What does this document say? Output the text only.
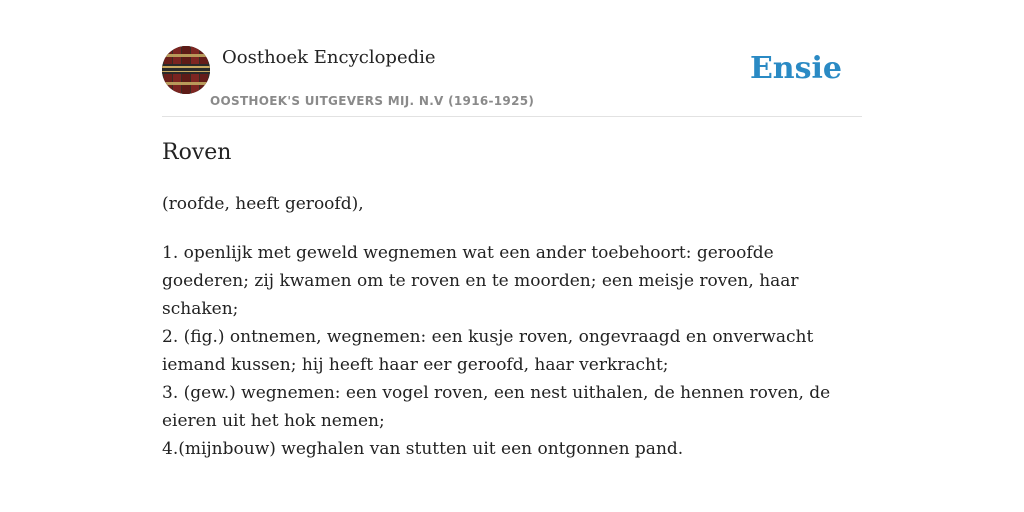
Oosthoek Encyclopedie
OOSTHOEK'S UITGEVERS MIJ. N.V (1916-1925)
Ensie
Roven

(roofde, heeft geroofd),

1. openlijk met geweld wegnemen wat een ander toebehoort: geroofde goederen; zij kwamen om te roven en te moorden; een meisje roven, haar schaken;

2. (fig.) ontnemen, wegnemen: een kusje roven, ongevraagd en onverwacht iemand kussen; hij heeft haar eer geroofd, haar verkracht;

3. (gew.) wegnemen: een vogel roven, een nest uithalen, de hennen roven, de eieren uit het hok nemen;

4.(mijnbouw) weghalen van stutten uit een ontgonnen pand.
